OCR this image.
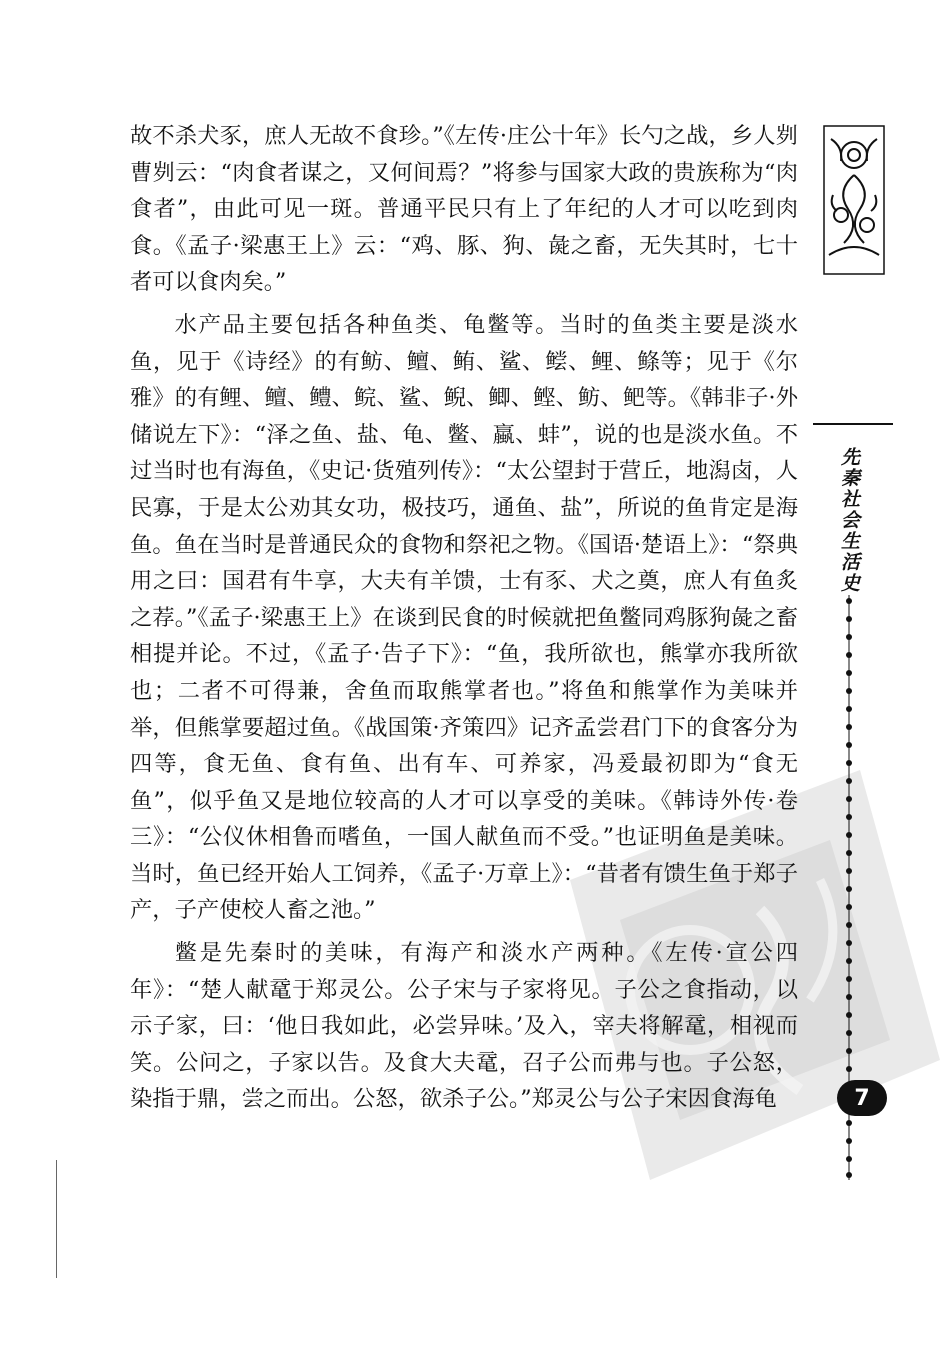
故不杀犬豕，庶人无故不食珍。”《左传·庄公十年》长勺之战，乡人刿曹刿云：“肉食者谋之，又何间焉？”将参与国家大政的贵族称为“肉食者”，由此可见一斑。普通平民只有上了年纪的人才可以吃到肉食。《孟子·梁惠王上》云：“鸡、豚、狗、彘之畜，无失其时，七十者可以食肉矣。”

水产品主要包括各种鱼类、龟鳖等。当时的鱼类主要是淡水鱼，见于《诗经》的有鲂、鳣、鲔、鲨、鲿、鲤、鲦等；见于《尔雅》的有鲤、鳣、鳢、鲩、鲨、鲵、鲫、鲣、鲂、鲃等。《韩非子·外储说左下》：“泽之鱼、盐、龟、鳖、蠃、蚌”，说的也是淡水鱼。不过当时也有海鱼，《史记·货殖列传》：“太公望封于营丘，地潟卤，人民寡，于是太公劝其女功，极技巧，通鱼、盐”，所说的鱼肯定是海鱼。鱼在当时是普通民众的食物和祭祀之物。《国语·楚语上》：“祭典用之曰：国君有牛享，大夫有羊馈，士有豕、犬之奠，庶人有鱼炙之荐。”《孟子·梁惠王上》在谈到民食的时候就把鱼鳖同鸡豚狗彘之畜相提并论。不过，《孟子·告子下》：“鱼，我所欲也，熊掌亦我所欲也；二者不可得兼，舍鱼而取熊掌者也。”将鱼和熊掌作为美味并举，但熊掌要超过鱼。《战国策·齐策四》记齐孟尝君门下的食客分为四等，食无鱼、食有鱼、出有车、可养家，冯爰最初即为“食无鱼”，似乎鱼又是地位较高的人才可以享受的美味。《韩诗外传·卷三》：“公仪休相鲁而嗜鱼，一国人献鱼而不受。”也证明鱼是美味。当时，鱼已经开始人工饲养，《孟子·万章上》：“昔者有馈生鱼于郑子产，子产使校人畜之池。”

鳖是先秦时的美味，有海产和淡水产两种。《左传·宣公四年》：“楚人献鼋于郑灵公。公子宋与子家将见。子公之食指动，以示子家，曰：‘他日我如此，必尝异味。’及入，宰夫将解鼋，相视而笑。公问之，子家以告。及食大夫鼋，召子公而弗与也。子公怒，染指于鼎，尝之而出。公怒，欲杀子公。”郑灵公与公子宋因食海龟

先秦社会生活史
7
